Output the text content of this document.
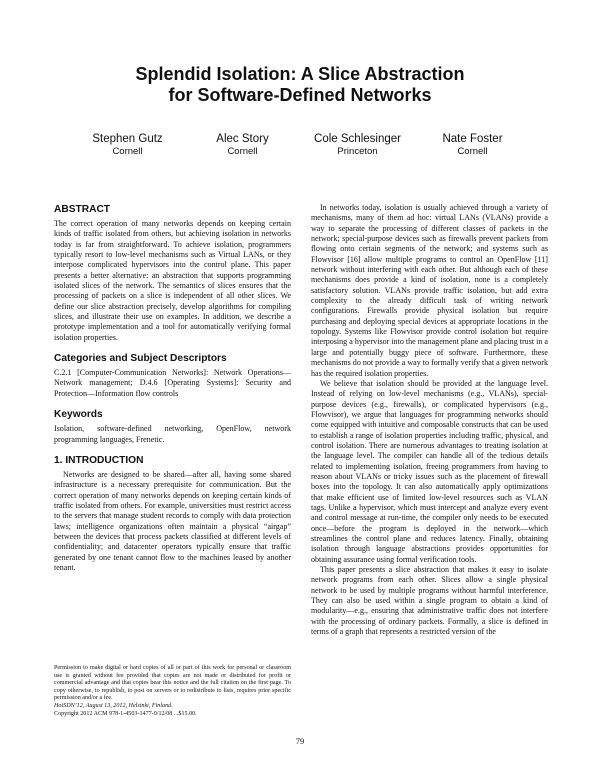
Splendid Isolation: A Slice Abstraction
for Software-Defined Networks
Stephen Gutz
Cornell
Alec Story
Cornell
Cole Schlesinger
Princeton
Nate Foster
Cornell
ABSTRACT

The correct operation of many networks depends on keeping certain kinds of traffic isolated from others, but achieving isolation in networks today is far from straightforward. To achieve isolation, programmers typically resort to low-level mechanisms such as Virtual LANs, or they interpose complicated hypervisors into the control plane. This paper presents a better alternative: an abstraction that supports programming isolated slices of the network. The semantics of slices ensures that the processing of packets on a slice is independent of all other slices. We define our slice abstraction precisely, develop algorithms for compiling slices, and illustrate their use on examples. In addition, we describe a prototype implementation and a tool for automatically verifying formal isolation properties.

Categories and Subject Descriptors

C.2.1 [Computer-Communication Networks]: Network Operations—Network management; D.4.6 [Operating Systems]: Security and Protection—Information flow controls

Keywords

Isolation, software-defined networking, OpenFlow, network programming languages, Frenetic.

1. INTRODUCTION

Networks are designed to be shared—after all, having some shared infrastructure is a necessary prerequisite for communication. But the correct operation of many networks depends on keeping certain kinds of traffic isolated from others. For example, universities must restrict access to the servers that manage student records to comply with data protection laws; intelligence organizations often maintain a physical “airgap” between the devices that process packets classified at different levels of confidentiality; and datacenter operators typically ensure that traffic generated by one tenant cannot flow to the machines leased by another tenant.

Permission to make digital or hard copies of all or part of this work for personal or classroom use is granted without fee provided that copies are not made or distributed for profit or commercial advantage and that copies bear this notice and the full citation on the first page. To copy otherwise, to republish, to post on servers or to redistribute to lists, requires prior specific permission and/or a fee.

HotSDN’12, August 13, 2012, Helsinki, Finland.

Copyright 2012 ACM 978-1-4503-1477-0/12/08 ...$15.00.

In networks today, isolation is usually achieved through a variety of mechanisms, many of them ad hoc: virtual LANs (VLANs) provide a way to separate the processing of different classes of packets in the network; special-purpose devices such as firewalls prevent packets from flowing onto certain segments of the network; and systems such as Flowvisor [16] allow multiple programs to control an OpenFlow [11] network without interfering with each other. But although each of these mechanisms does provide a kind of isolation, none is a completely satisfactory solution. VLANs provide traffic isolation, but add extra complexity to the already difficult task of writing network configurations. Firewalls provide physical isolation but require purchasing and deploying special devices at appropriate locations in the topology. Systems like Flowvisor provide control isolation but require interposing a hypervisor into the management plane and placing trust in a large and potentially buggy piece of software. Furthermore, these mechanisms do not provide a way to formally verify that a given network has the required isolation properties.

We believe that isolation should be provided at the language level. Instead of relying on low-level mechanisms (e.g., VLANs), special-purpose devices (e.g., firewalls), or complicated hypervisors (e.g., Flowvisor), we argue that languages for programming networks should come equipped with intuitive and composable constructs that can be used to establish a range of isolation properties including traffic, physical, and control isolation. There are numerous advantages to treating isolation at the language level. The compiler can handle all of the tedious details related to implementing isolation, freeing programmers from having to reason about VLANs or tricky issues such as the placement of firewall boxes into the topology. It can also automatically apply optimizations that make efficient use of limited low-level resources such as VLAN tags. Unlike a hypervisor, which must intercept and analyze every event and control message at run-time, the compiler only needs to be executed once—before the program is deployed in the network—which streamlines the control plane and reduces latency. Finally, obtaining isolation through language abstractions provides opportunities for obtaining assurance using formal verification tools.

This paper presents a slice abstraction that makes it easy to isolate network programs from each other. Slices allow a single physical network to be used by multiple programs without harmful interference. They can also be used within a single program to obtain a kind of modularity—e.g., ensuring that administrative traffic does not interfere with the processing of ordinary packets. Formally, a slice is defined in terms of a graph that represents a restricted version of the

79
